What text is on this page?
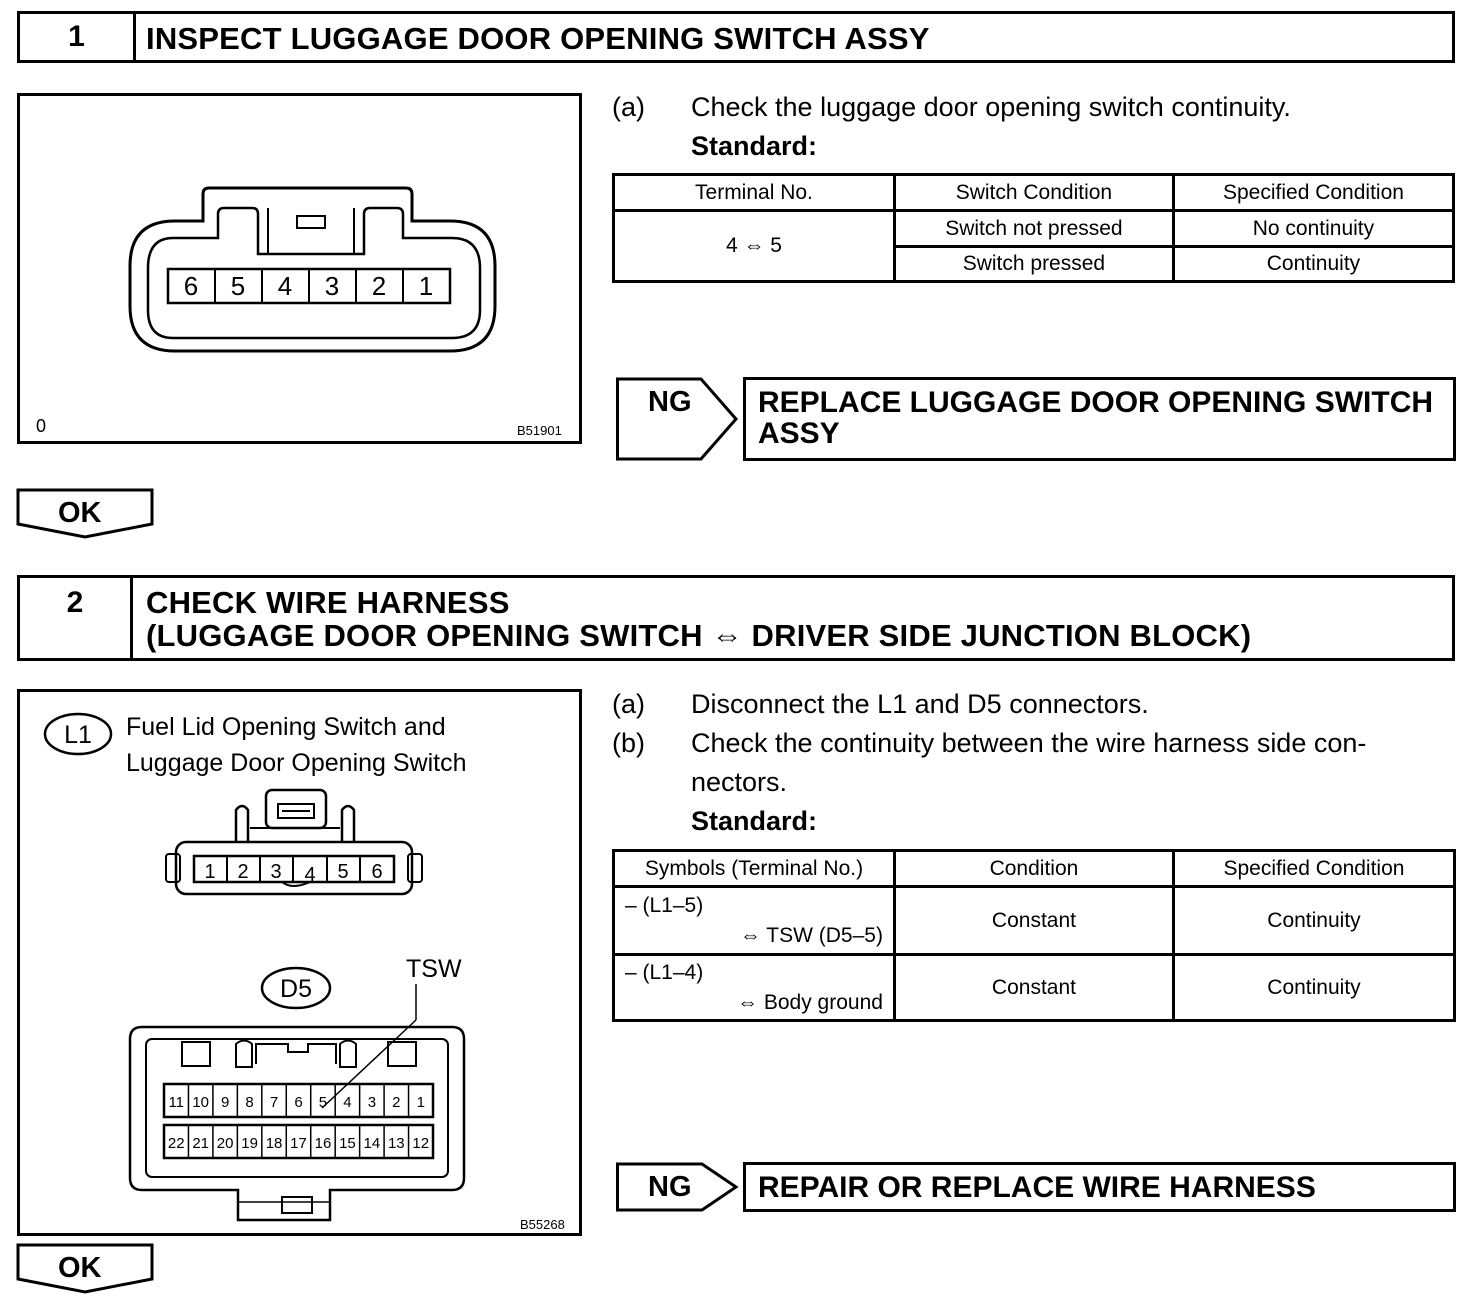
1	INSPECT LUGGAGE DOOR OPENING SWITCH ASSY
6 5 4 3 2 1
0	B51901
(a)	Check the luggage door opening switch continuity.
Standard:
Terminal No.	Switch Condition	Specified Condition
4 ⇔ 5	Switch not pressed	No continuity
	Switch pressed	Continuity
NG REPLACE LUGGAGE DOOR OPENING SWITCH
ASSY
OK
2 CHECK WIRE HARNESS
(LUGGAGE DOOR OPENING SWITCH ⇔ DRIVER SIDE JUNCTION BLOCK)
L1 Fuel Lid Opening Switch and
Luggage Door Opening Switch
1 2 3 4 5 6
D5
TSW
11 10 9 8 7 6 5 4 3 2 1
22 21 20 19 18 17 16 15 14 13 12
B55268
(a)	Disconnect the L1 and D5 connectors.
(b)	Check the continuity between the wire harness side con-
nectors.
Standard:
Symbols (Terminal No.)	Condition	Specified Condition

– (L1–5)
⇔ TSW (D5–5)	Constant	Continuity

– (L1–4)
⇔ Body ground	Constant	Continuity
NG REPAIR OR REPLACE WIRE HARNESS
OK
